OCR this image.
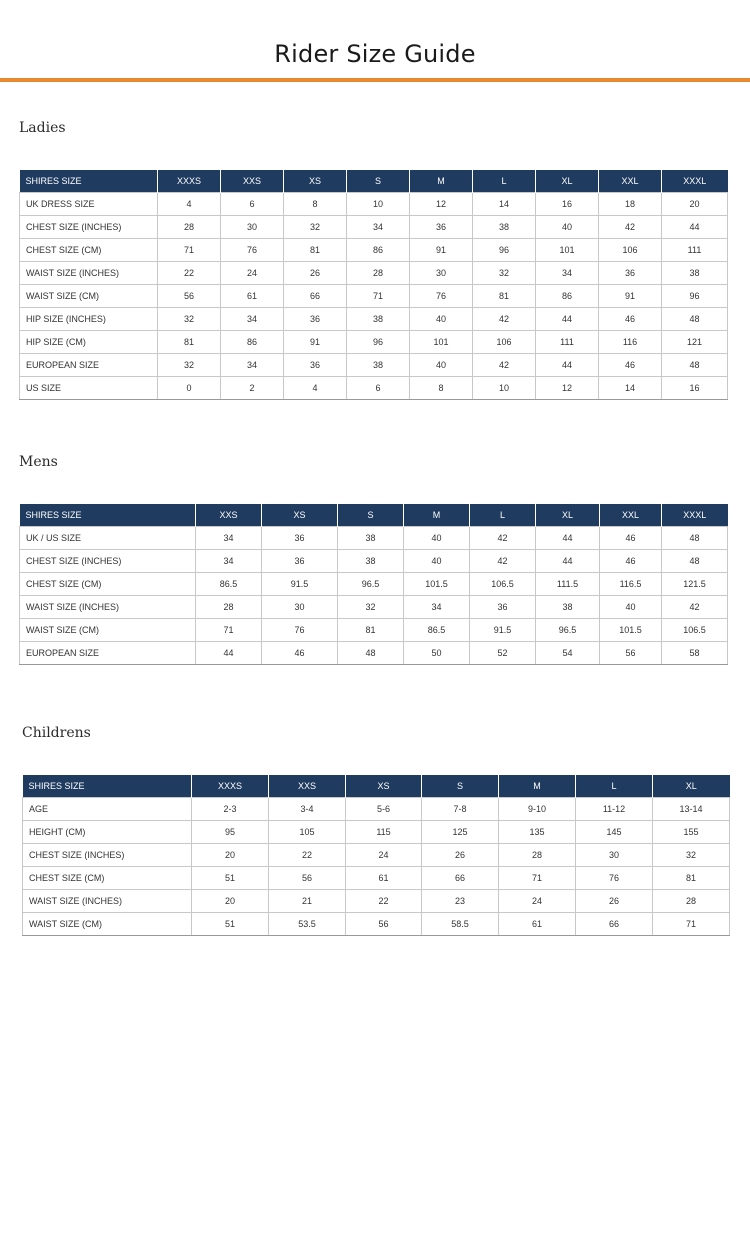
Rider Size Guide
Ladies
SHIRES SIZE	XXXS	XXS	XS	S	M	L	XL	XXL	XXXL
UK DRESS SIZE	4	6	8	10	12	14	16	18	20
CHEST SIZE (INCHES)	28	30	32	34	36	38	40	42	44
CHEST SIZE (CM)	71	76	81	86	91	96	101	106	111
WAIST SIZE (INCHES)	22	24	26	28	30	32	34	36	38
WAIST SIZE (CM)	56	61	66	71	76	81	86	91	96
HIP SIZE (INCHES)	32	34	36	38	40	42	44	46	48
HIP SIZE (CM)	81	86	91	96	101	106	111	116	121
EUROPEAN SIZE	32	34	36	38	40	42	44	46	48
US SIZE	0	2	4	6	8	10	12	14	16
Mens
SHIRES SIZE	XXS	XS	S	M	L	XL	XXL	XXXL
UK / US SIZE	34	36	38	40	42	44	46	48
CHEST SIZE (INCHES)	34	36	38	40	42	44	46	48
CHEST SIZE (CM)	86.5	91.5	96.5	101.5	106.5	111.5	116.5	121.5
WAIST SIZE (INCHES)	28	30	32	34	36	38	40	42
WAIST SIZE (CM)	71	76	81	86.5	91.5	96.5	101.5	106.5
EUROPEAN SIZE	44	46	48	50	52	54	56	58
Childrens
SHIRES SIZE	XXXS	XXS	XS	S	M	L	XL
AGE	2-3	3-4	5-6	7-8	9-10	11-12	13-14
HEIGHT (CM)	95	105	115	125	135	145	155
CHEST SIZE (INCHES)	20	22	24	26	28	30	32
CHEST SIZE (CM)	51	56	61	66	71	76	81
WAIST SIZE (INCHES)	20	21	22	23	24	26	28
WAIST SIZE (CM)	51	53.5	56	58.5	61	66	71
